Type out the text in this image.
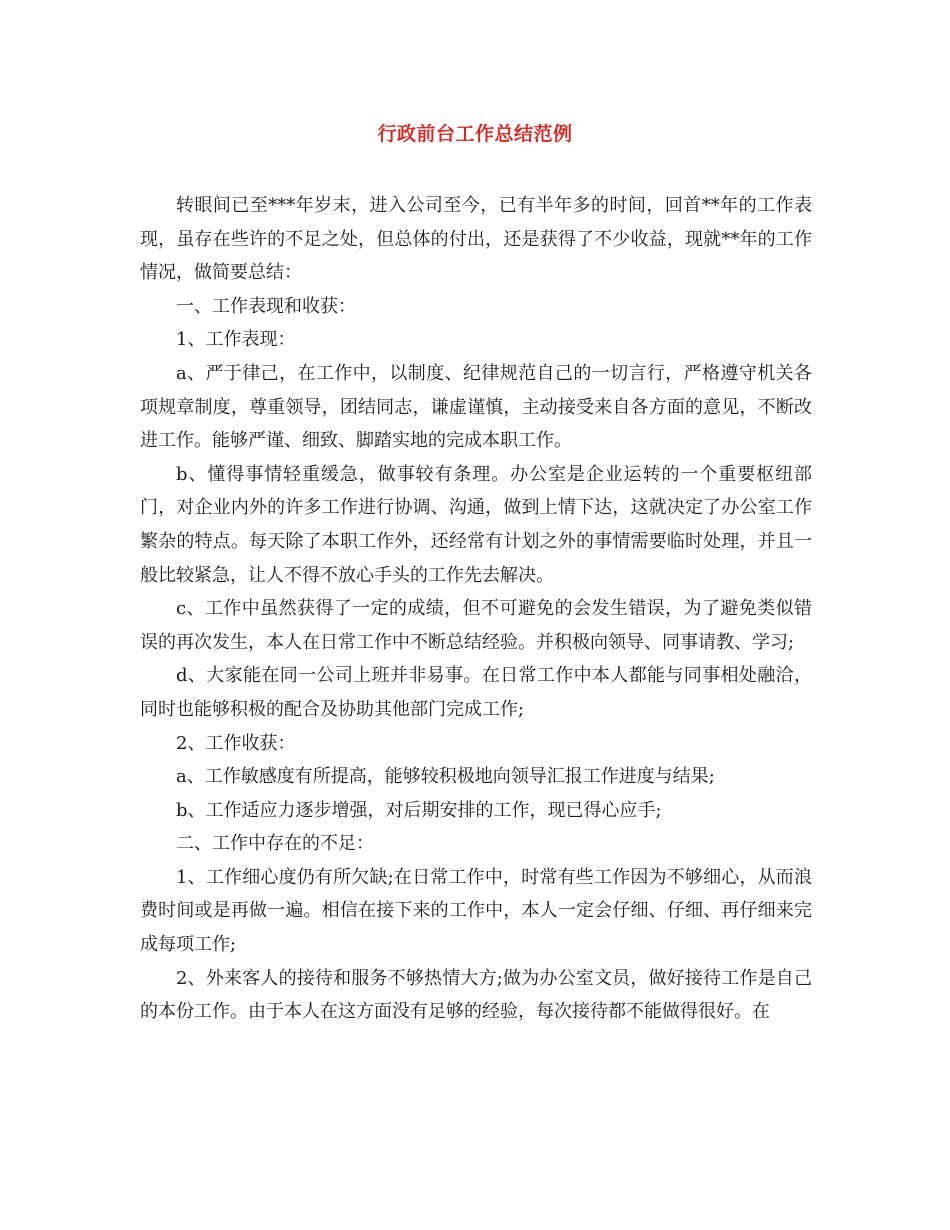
行政前台工作总结范例

转眼间已至***年岁末，进入公司至今，已有半年多的时间，回首**年的工作表现，虽存在些许的不足之处，但总体的付出，还是获得了不少收益，现就**年的工作情况，做简要总结：

一、工作表现和收获：

1、工作表现：

a、严于律己，在工作中，以制度、纪律规范自己的一切言行，严格遵守机关各项规章制度，尊重领导，团结同志，谦虚谨慎，主动接受来自各方面的意见，不断改进工作。能够严谨、细致、脚踏实地的完成本职工作。

b、懂得事情轻重缓急，做事较有条理。办公室是企业运转的一个重要枢纽部门，对企业内外的许多工作进行协调、沟通，做到上情下达，这就决定了办公室工作繁杂的特点。每天除了本职工作外，还经常有计划之外的事情需要临时处理，并且一般比较紧急，让人不得不放心手头的工作先去解决。

c、工作中虽然获得了一定的成绩，但不可避免的会发生错误，为了避免类似错误的再次发生，本人在日常工作中不断总结经验。并积极向领导、同事请教、学习;

d、大家能在同一公司上班并非易事。在日常工作中本人都能与同事相处融洽，同时也能够积极的配合及协助其他部门完成工作;

2、工作收获：

a、工作敏感度有所提高，能够较积极地向领导汇报工作进度与结果;

b、工作适应力逐步增强，对后期安排的工作，现已得心应手;

二、工作中存在的不足：

1、工作细心度仍有所欠缺;在日常工作中，时常有些工作因为不够细心，从而浪费时间或是再做一遍。相信在接下来的工作中，本人一定会仔细、仔细、再仔细来完成每项工作;

2、外来客人的接待和服务不够热情大方;做为办公室文员，做好接待工作是自己的本份工作。由于本人在这方面没有足够的经验，每次接待都不能做得很好。在
